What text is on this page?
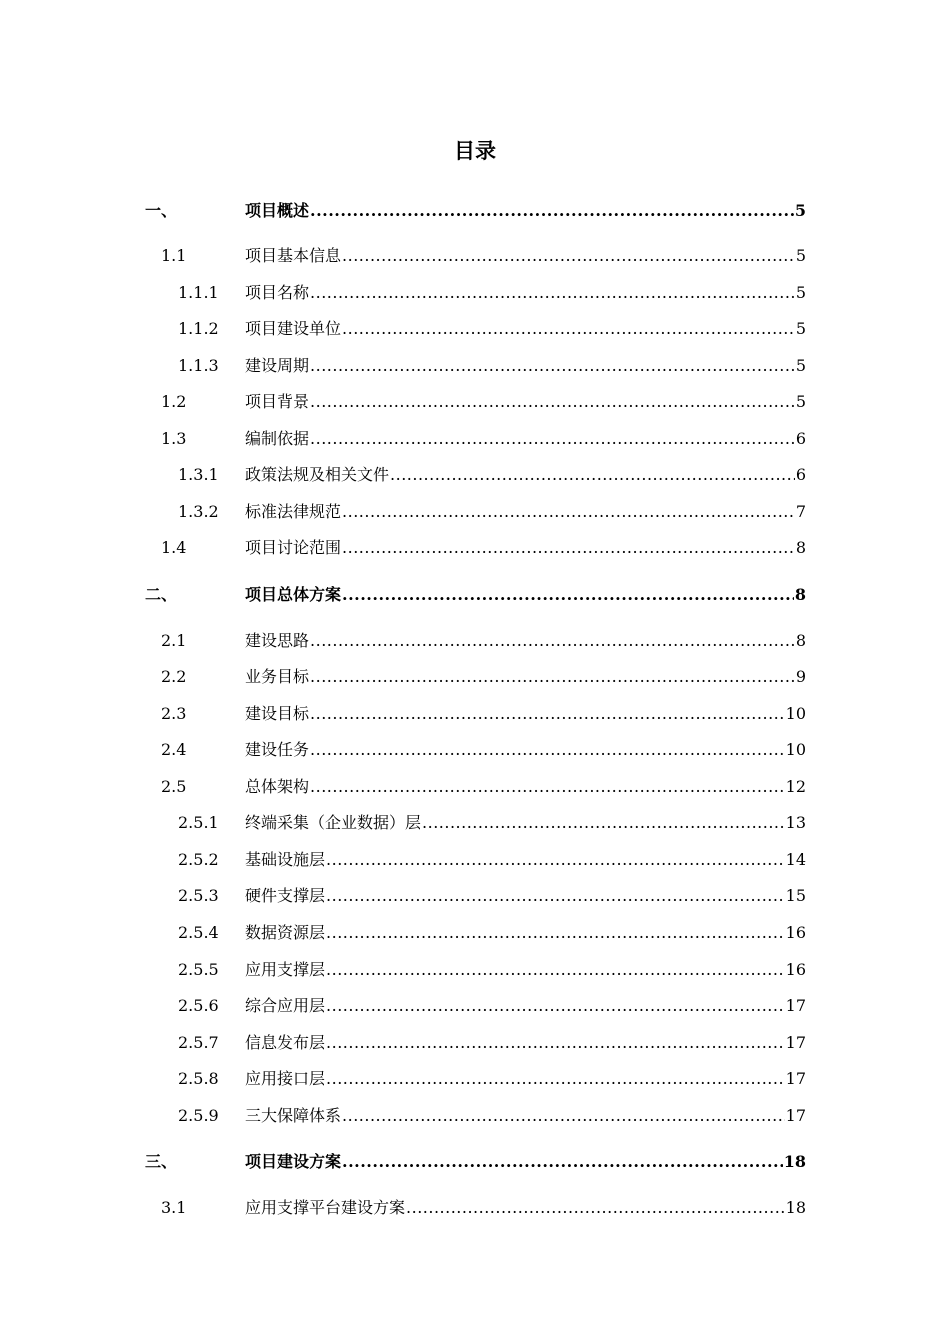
目录
一、	项目概述 .....	5
1.1	项目基本信息 .....	5
1.1.1 项目名称 .....	5
1.1.2 项目建设单位 .....	5
1.1.3 建设周期 .....	5
1.2	项目背景 .....	5
1.3	编制依据 .....	6
1.3.1 政策法规及相关文件 .....	6
1.3.2 标准法律规范 .....	7
1.4	项目讨论范围 .....	8
二、	项目总体方案 .....	8
2.1	建设思路 .....	8
2.2	业务目标 .....	9
2.3	建设目标 .....	10
2.4	建设任务 .....	10
2.5	总体架构 .....	12
2.5.1 终端采集（企业数据）层 .....	13
2.5.2 基础设施层 .....	14
2.5.3 硬件支撑层 .....	15
2.5.4 数据资源层 .....	16
2.5.5 应用支撑层 .....	16
2.5.6 综合应用层 .....	17
2.5.7 信息发布层 .....	17
2.5.8 应用接口层 .....	17
2.5.9 三大保障体系 .....	17
三、	项目建设方案 .....	18
3.1	应用支撑平台建设方案 .....	18
